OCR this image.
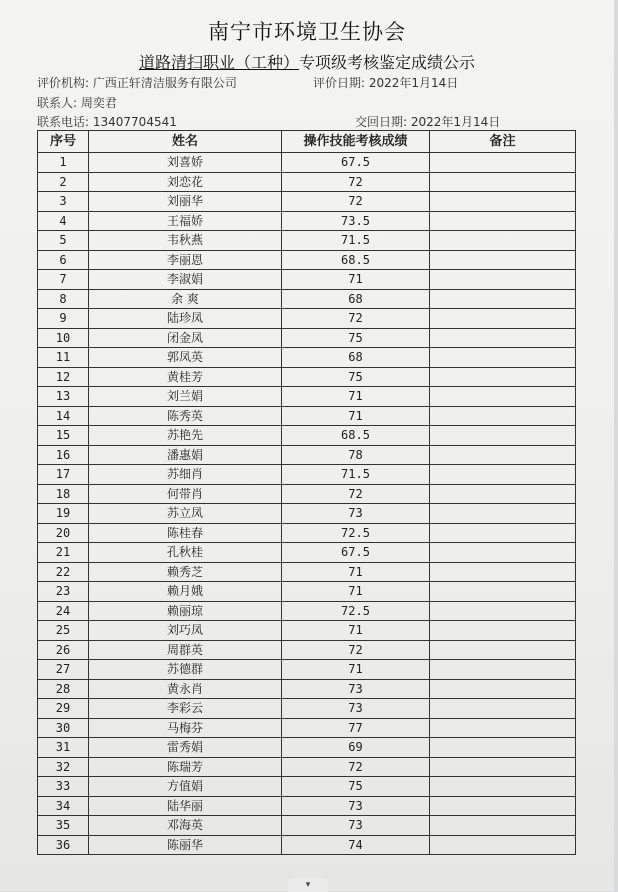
南宁市环境卫生协会
道路清扫职业（工种）专项级考核鉴定成绩公示
评价机构: 广西正轩清洁服务有限公司	评价日期: 2022年1月14日
联系人: 周奕君
联系电话: 13407704541	交回日期: 2022年1月14日
序号	姓名	操作技能考核成绩	备注
1	刘喜娇	67.5	
2	刘恋花	72	
3	刘丽华	72	
4	王福娇	73.5	
5	韦秋燕	71.5	
6	李丽恩	68.5	
7	李淑娟	71	
8	余 爽	68	
9	陆珍凤	72	
10	闭金凤	75	
11	郭凤英	68	
12	黄桂芳	75	
13	刘兰娟	71	
14	陈秀英	71	
15	苏艳先	68.5	
16	潘惠娟	78	
17	苏细肖	71.5	
18	何带肖	72	
19	苏立凤	73	
20	陈桂春	72.5	
21	孔秋桂	67.5	
22	赖秀芝	71	
23	赖月娥	71	
24	赖丽琼	72.5	
25	刘巧凤	71	
26	周群英	72	
27	苏德群	71	
28	黄永肖	73	
29	李彩云	73	
30	马梅芬	77	
31	雷秀娟	69	
32	陈瑞芳	72	
33	方值娟	75	
34	陆华丽	73	
35	邓海英	73	
36	陈丽华	74	
▾
